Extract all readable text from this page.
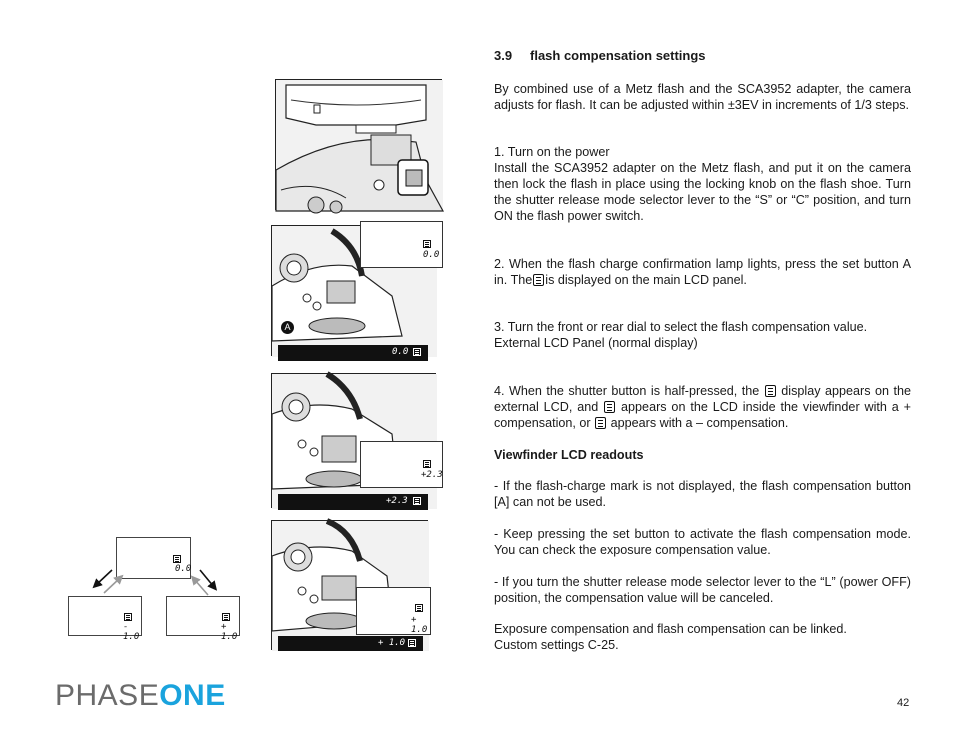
0.0
A
0.0
+2.3
+2.3
+ 1.0
+ 1.0
0.0
- 1.0
+ 1.0
3.9 flash compensation settings

By combined use of a Metz flash and the SCA3952 adapter, the camera adjusts for flash. It can be adjusted within ±3EV in increments of 1/3 steps.

1. Turn on the power

Install the SCA3952 adapter on the Metz flash, and put it on the camera then lock the flash in place using the locking knob on the flash shoe. Turn the shutter release mode selector lever to the “S” or “C” position, and turn ON the flash power switch.

2. When the flash charge confirmation lamp lights, press the set button A in. The is displayed on the main LCD panel.

3. Turn the front or rear dial to select the flash compensation value.

External LCD Panel (normal display)

4. When the shutter button is half-pressed, the display appears on the external LCD, and appears on the LCD inside the viewfinder with a + compensation, or appears with a – compensation.

Viewfinder LCD readouts

- If the flash-charge mark is not displayed, the flash compensation button [A] can not be used.

- Keep pressing the set button to activate the flash compensation mode. You can check the exposure compensation value.

- If you turn the shutter release mode selector lever to the “L” (power OFF) position, the compensation value will be canceled.

Exposure compensation and flash compensation can be linked.

Custom settings C-25.

PHASEONE	42
